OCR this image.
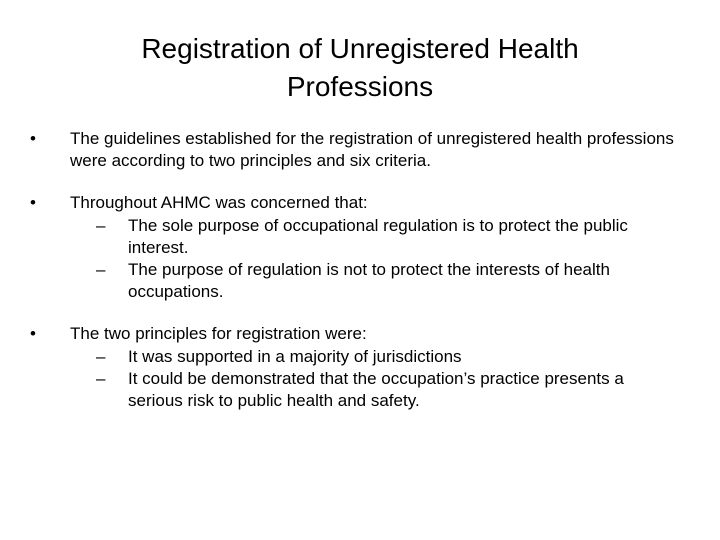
Registration of Unregistered Health
Professions
•	The guidelines established for the registration of unregistered health professions were according to two principles and six criteria.
•	Throughout AHMC was concerned that:
– The sole purpose of occupational regulation is to protect the public interest.
– The purpose of regulation is not to protect the interests of health occupations.
•	The two principles for registration were:
– It was supported in a majority of jurisdictions
– It could be demonstrated that the occupation’s practice presents a serious risk to public health and safety.
